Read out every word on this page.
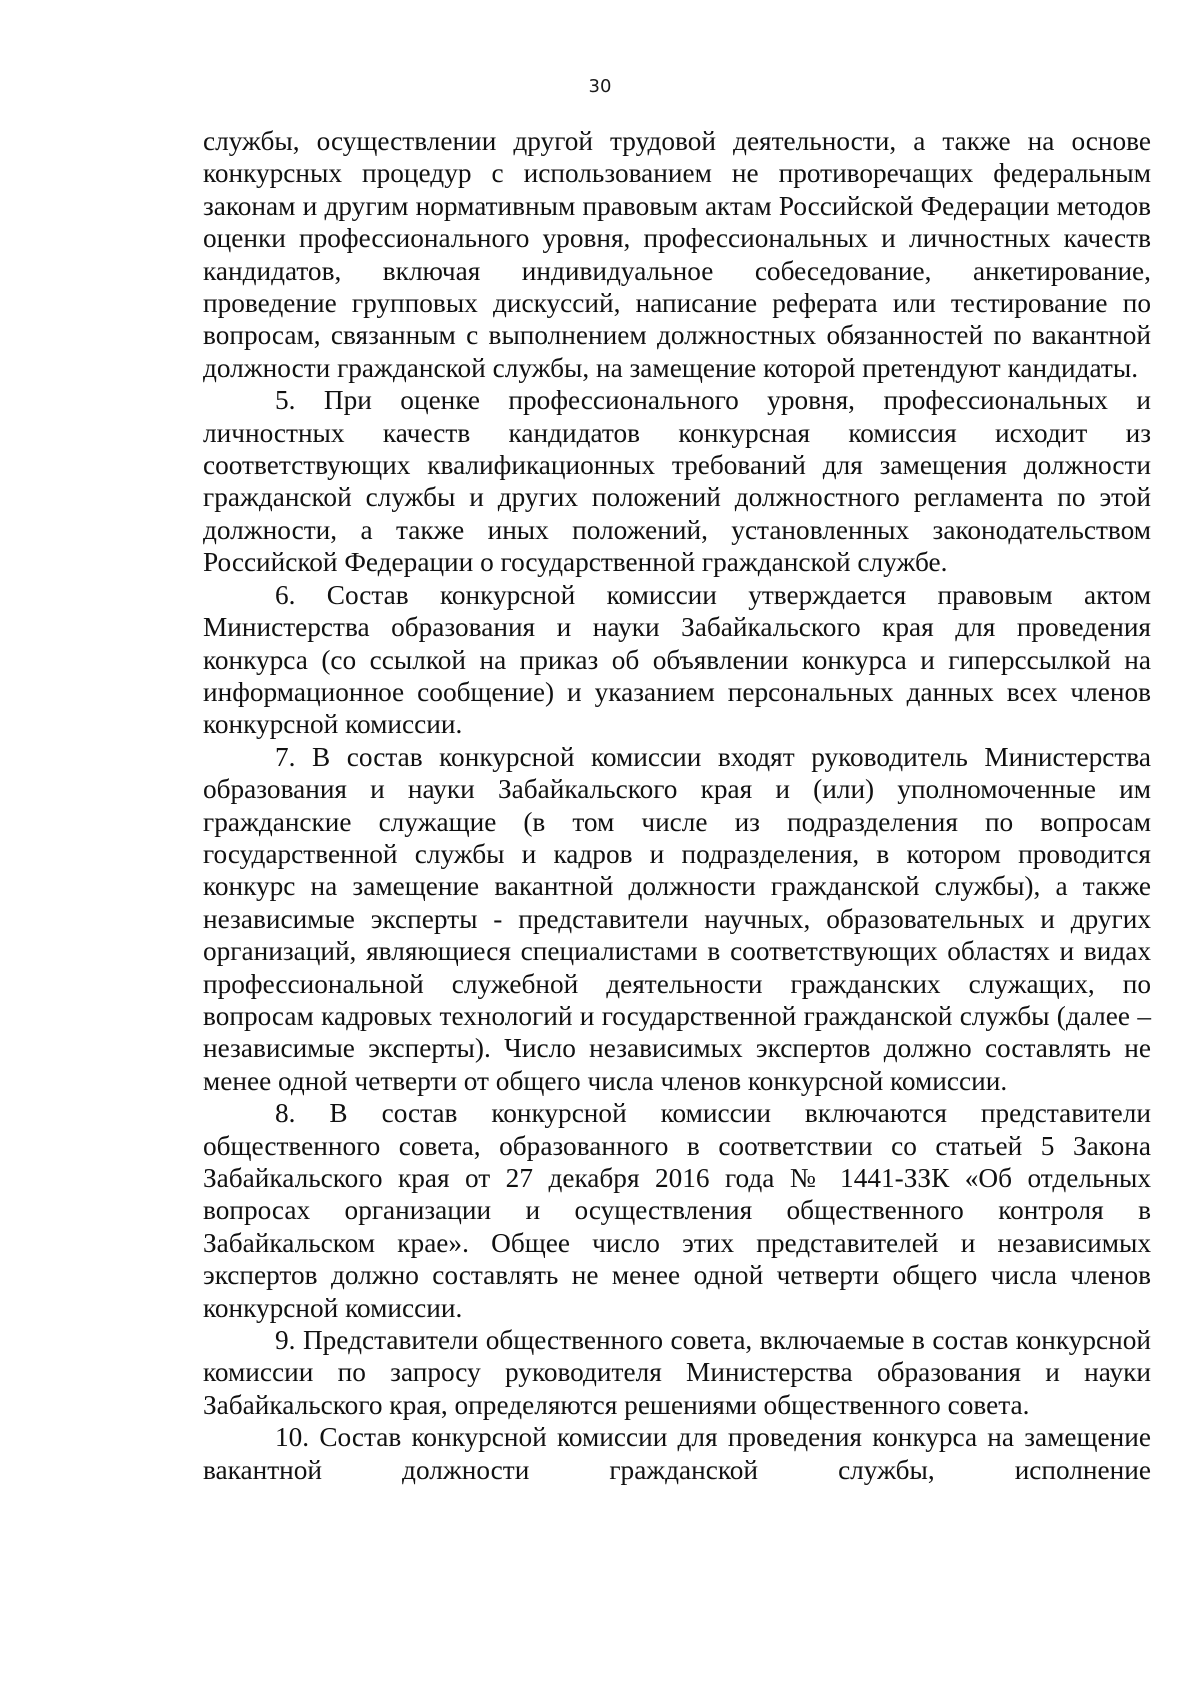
30

службы, осуществлении другой трудовой деятельности, а также на основе конкурсных процедур с использованием не противоречащих федеральным законам и другим нормативным правовым актам Российской Федерации методов оценки профессионального уровня, профессиональных и личностных качеств кандидатов, включая индивидуальное собеседование, анкетирование, проведение групповых дискуссий, написание реферата или тестирование по вопросам, связанным с выполнением должностных обязанностей по вакантной должности гражданской службы, на замещение которой претендуют кандидаты.

5. При оценке профессионального уровня, профессиональных и личностных качеств кандидатов конкурсная комиссия исходит из соответствующих квалификационных требований для замещения должности гражданской службы и других положений должностного регламента по этой должности, а также иных положений, установленных законодательством Российской Федерации о государственной гражданской службе.

6. Состав конкурсной комиссии утверждается правовым актом Министерства образования и науки Забайкальского края для проведения конкурса (со ссылкой на приказ об объявлении конкурса и гиперссылкой на информационное сообщение) и указанием персональных данных всех членов конкурсной комиссии.

7. В состав конкурсной комиссии входят руководитель Министерства образования и науки Забайкальского края и (или) уполномоченные им гражданские служащие (в том числе из подразделения по вопросам государственной службы и кадров и подразделения, в котором проводится конкурс на замещение вакантной должности гражданской службы), а также независимые эксперты - представители научных, образовательных и других организаций, являющиеся специалистами в соответствующих областях и видах профессиональной служебной деятельности гражданских служащих, по вопросам кадровых технологий и государственной гражданской службы (далее – независимые эксперты). Число независимых экспертов должно составлять не менее одной четверти от общего числа членов конкурсной комиссии.

8. В состав конкурсной комиссии включаются представители общественного совета, образованного в соответствии со статьей 5 Закона Забайкальского края от 27 декабря 2016 года № 1441-ЗЗК «Об отдельных вопросах организации и осуществления общественного контроля в Забайкальском крае». Общее число этих представителей и независимых экспертов должно составлять не менее одной четверти общего числа членов конкурсной комиссии.

9. Представители общественного совета, включаемые в состав конкурсной комиссии по запросу руководителя Министерства образования и науки Забайкальского края, определяются решениями общественного совета.

10. Состав конкурсной комиссии для проведения конкурса на замещение вакантной должности гражданской службы, исполнение
